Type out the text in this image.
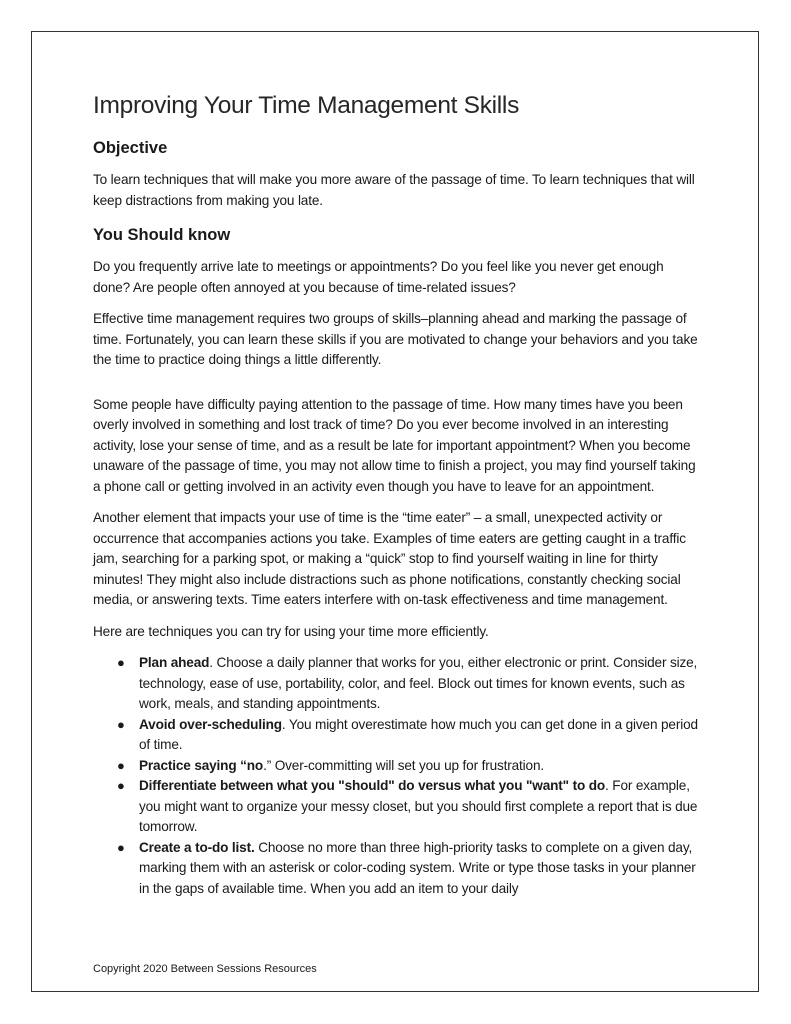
Improving Your Time Management Skills
Objective

To learn techniques that will make you more aware of the passage of time. To learn techniques that will keep distractions from making you late.

You Should know

Do you frequently arrive late to meetings or appointments? Do you feel like you never get enough done? Are people often annoyed at you because of time-related issues?

Effective time management requires two groups of skills–planning ahead and marking the passage of time. Fortunately, you can learn these skills if you are motivated to change your behaviors and you take the time to practice doing things a little differently.

Some people have difficulty paying attention to the passage of time. How many times have you been overly involved in something and lost track of time? Do you ever become involved in an interesting activity, lose your sense of time, and as a result be late for important appointment? When you become unaware of the passage of time, you may not allow time to finish a project, you may find yourself taking a phone call or getting involved in an activity even though you have to leave for an appointment.

Another element that impacts your use of time is the “time eater” – a small, unexpected activity or occurrence that accompanies actions you take. Examples of time eaters are getting caught in a traffic jam, searching for a parking spot, or making a “quick” stop to find yourself waiting in line for thirty minutes! They might also include distractions such as phone notifications, constantly checking social media, or answering texts. Time eaters interfere with on-task effectiveness and time management.

Here are techniques you can try for using your time more efficiently.

● Plan ahead. Choose a daily planner that works for you, either electronic or print. Consider size, technology, ease of use, portability, color, and feel. Block out times for known events, such as work, meals, and standing appointments.
● Avoid over-scheduling. You might overestimate how much you can get done in a given period of time.
● Practice saying “no.” Over-committing will set you up for frustration.
● Differentiate between what you "should" do versus what you "want" to do. For example, you might want to organize your messy closet, but you should first complete a report that is due tomorrow.
● Create a to-do list. Choose no more than three high-priority tasks to complete on a given day, marking them with an asterisk or color-coding system. Write or type those tasks in your planner in the gaps of available time. When you add an item to your daily
Copyright 2020 Between Sessions Resources
